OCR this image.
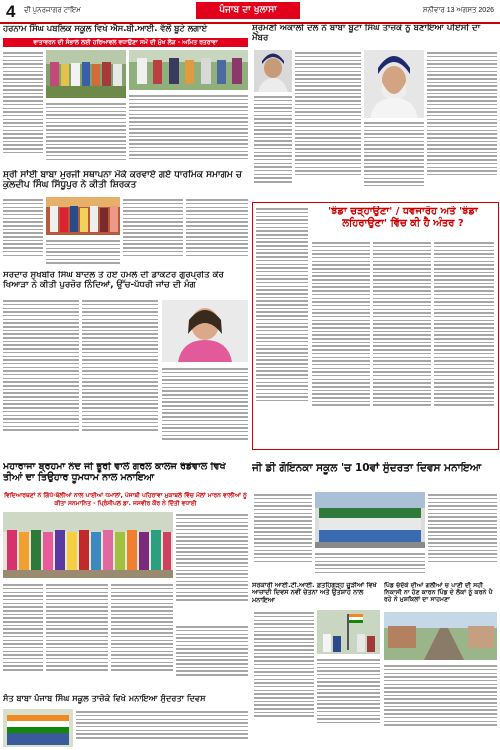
4 ਦੀ ਪੁਨਰਜਾਗਰ ਟਾਇਮ	ਪੰਜਾਬ ਦਾ ਖੁਲਾਸਾ	ਸ਼ਨੀਵਾਰ 13 ਅਗਸਤ 2026
ਹਰਨਾਮ ਸਿੰਘ ਪਬਲਿਕ ਸਕੂਲ ਵਿਖੇ ਐਸ.ਬੀ.ਆਈ. ਵੱਲੋਂ ਬੂਟੇ ਲਗਾਏ
ਵਾਤਾਵਰਨ ਦੀ ਸੰਭਾਲ ਲਈ ਹਰਿਆਵਲ ਵਧਾਉਣਾ ਸਮੇਂ ਦੀ ਮੁੱਖ ਲੋੜ - ਅਮਿਤ ਰਤਰਾਵਾ
ਸ਼੍ਰੀ ਸਾਂਈ ਬਾਬਾ ਮੁਰਜੀ ਸਥਾਪਨਾ ਮੌਕੇ ਕਰਵਾਏ ਗਏ ਧਾਰਮਿਕ ਸਮਾਗਮ ਚ ਕੁਲਦੀਪ ਸਿੰਘ ਸਿੱਧੂਪੁਰ ਨੇ ਕੀਤੀ ਸ਼ਿਰਕਤ
ਸਰਦਾਰ ਸੁਖਬੀਰ ਸਿੰਘ ਬਾਦਲ ਤੇ ਹੋਏ ਹਮਲੇ ਦੀ ਡਾਕਟਰ ਗੁਰਪ੍ਰੀਤ ਕੌਰ ਖਿਆੜਾ ਨੇ ਕੀਤੀ ਪੁਰਜ਼ੋਰ ਨਿੰਦਿਆਂ, ਉੱਚ-ਪੱਧਰੀ ਜਾਂਚ ਦੀ ਮੰਗ
ਸ਼੍ਰੋਮਣੀ ਅਕਾਲੀ ਦਲ ਨੇ ਬਾਬਾ ਬੂਟਾ ਸਿੰਘ ਤਾਜ਼ੋਕੇ ਨੂੰ ਬਣਾਇਆ ਪੀਏਸੀ ਦਾ ਮੈਂਬਰ
'ਝੰਡਾ ਚੜ੍ਹਾਉਣਾ' / ਧਵਜਾਰੋਹ ਅਤੇ 'ਝੰਡਾ ਲਹਿਰਾਉਣਾ' ਵਿੱਚ ਕੀ ਹੈ ਅੰਤਰ ?
ਮਹਾਰਾਜਾ ਬ੍ਰਹਮਾ ਨੰਦ ਜੀ ਭੂਰੀ ਵਾਲੇ ਗਰਲ ਕਾਲਜ ਰੰਡੇਵਾਲ ਵਿਖੇ ਤੀਆਂ ਦਾ ਤਿਉਹਾਰ ਧੂਮਧਾਮ ਨਾਲ ਮਨਾਇਆ
ਵਿਦਿਆਰਥਣਾਂ ਨੇ ਗਿੱਧੇ-ਬੋਲੀਆਂ ਨਾਲ ਪਾਈਆਂ ਧਮਾਲਾਂ, ਪੰਜਾਬੀ ਪਹਿਰਾਵਾ ਮੁਕਾਬਲੇ ਵਿੱਚ ਮੱਲਾਂ ਮਾਰਨ ਵਾਲੀਆਂ ਨੂੰ ਕੀਤਾ ਸਨਮਾਨਿਤ - ਪ੍ਰਿੰਸੀਪਲ ਡਾ. ਜਸਵੀਰ ਕੌਰ ਨੇ ਦਿੱਤੀ ਵਧਾਈ
ਜੀ ਡੀ ਗੋਇਨਕਾ ਸਕੂਲ 'ਚ 10ਵਾਂ ਸੁੰਦਰਤਾ ਦਿਵਸ ਮਨਾਇਆ
ਸਰਕਾਰੀ ਆਈ.ਟੀ.ਆਈ. ਫ਼ਤਹਿਗੜ੍ਹ ਚੂੜੀਆਂ ਵਿਖੇ ਆਜ਼ਾਦੀ ਦਿਵਸ ਨਵੀਂ ਚੇਤਨਾ ਅਤੇ ਉਤਸ਼ਾਹ ਨਾਲ ਮਨਾਇਆ
ਪਿੰਡ ਚੰਦੋਕੇ ਦੀਆਂ ਗਲੀਆਂ ਚ ਪਾਣੀ ਦੀ ਸਹੀ ਨਿਕਾਸੀ ਨਾ ਹੋਣ ਕਾਰਨ ਪਿੰਡ ਦੇ ਲੋਕਾਂ ਨੂੰ ਕਰਨੇ ਪੈ ਰਹੇ ਨੇ ਮੁਸ਼ਕਿਲਾਂ ਦਾ ਸਾਹਮਣਾ
ਸੰਤ ਬਾਬਾ ਪੰਜਾਬ ਸਿੰਘ ਸਕੂਲ ਤਾਜ਼ੋਕੇ ਵਿਖੇ ਮਨਾਇਆ ਸੁੰਦਰਤਾ ਦਿਵਸ
